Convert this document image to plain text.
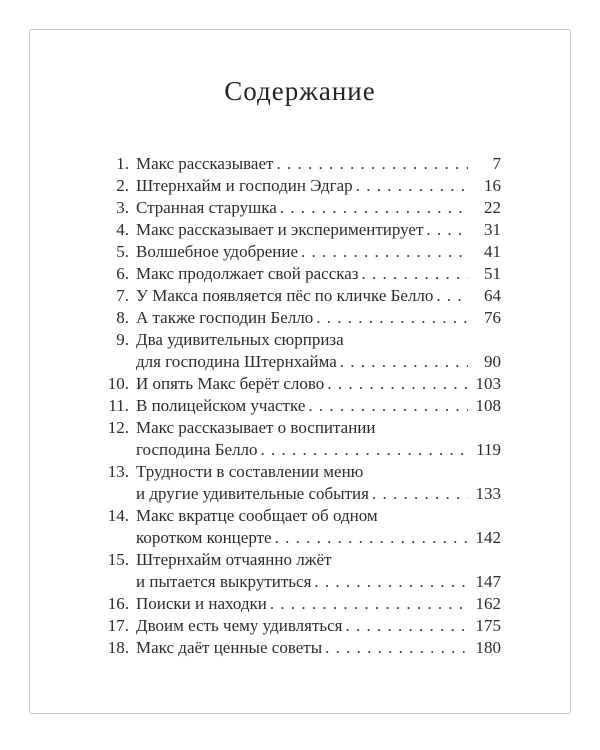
Содержание
1. Макс рассказывает . . .	7
2. Штернхайм и господин Эдгар . . .	16
3. Странная старушка . . .	22
4. Макс рассказывает и экспериментирует . . .	31
5. Волшебное удобрение . . .	41
6. Макс продолжает свой рассказ . . .	51
7. У Макса появляется пёс по кличке Белло . . .	64
8. А также господин Белло . . .	76
9. Два удивительных сюрприза
для господина Штернхайма . . .	90
10. И опять Макс берёт слово . . .	103
11. В полицейском участке . . .	108
12. Макс рассказывает о воспитании
господина Белло . . .	119
13. Трудности в составлении меню
и другие удивительные события . . .	133
14. Макс вкратце сообщает об одном
коротком концерте . . .	142
15. Штернхайм отчаянно лжёт
и пытается выкрутиться . . .	147
16. Поиски и находки . . .	162
17. Двоим есть чему удивляться . . .	175
18. Макс даёт ценные советы . . .	180
